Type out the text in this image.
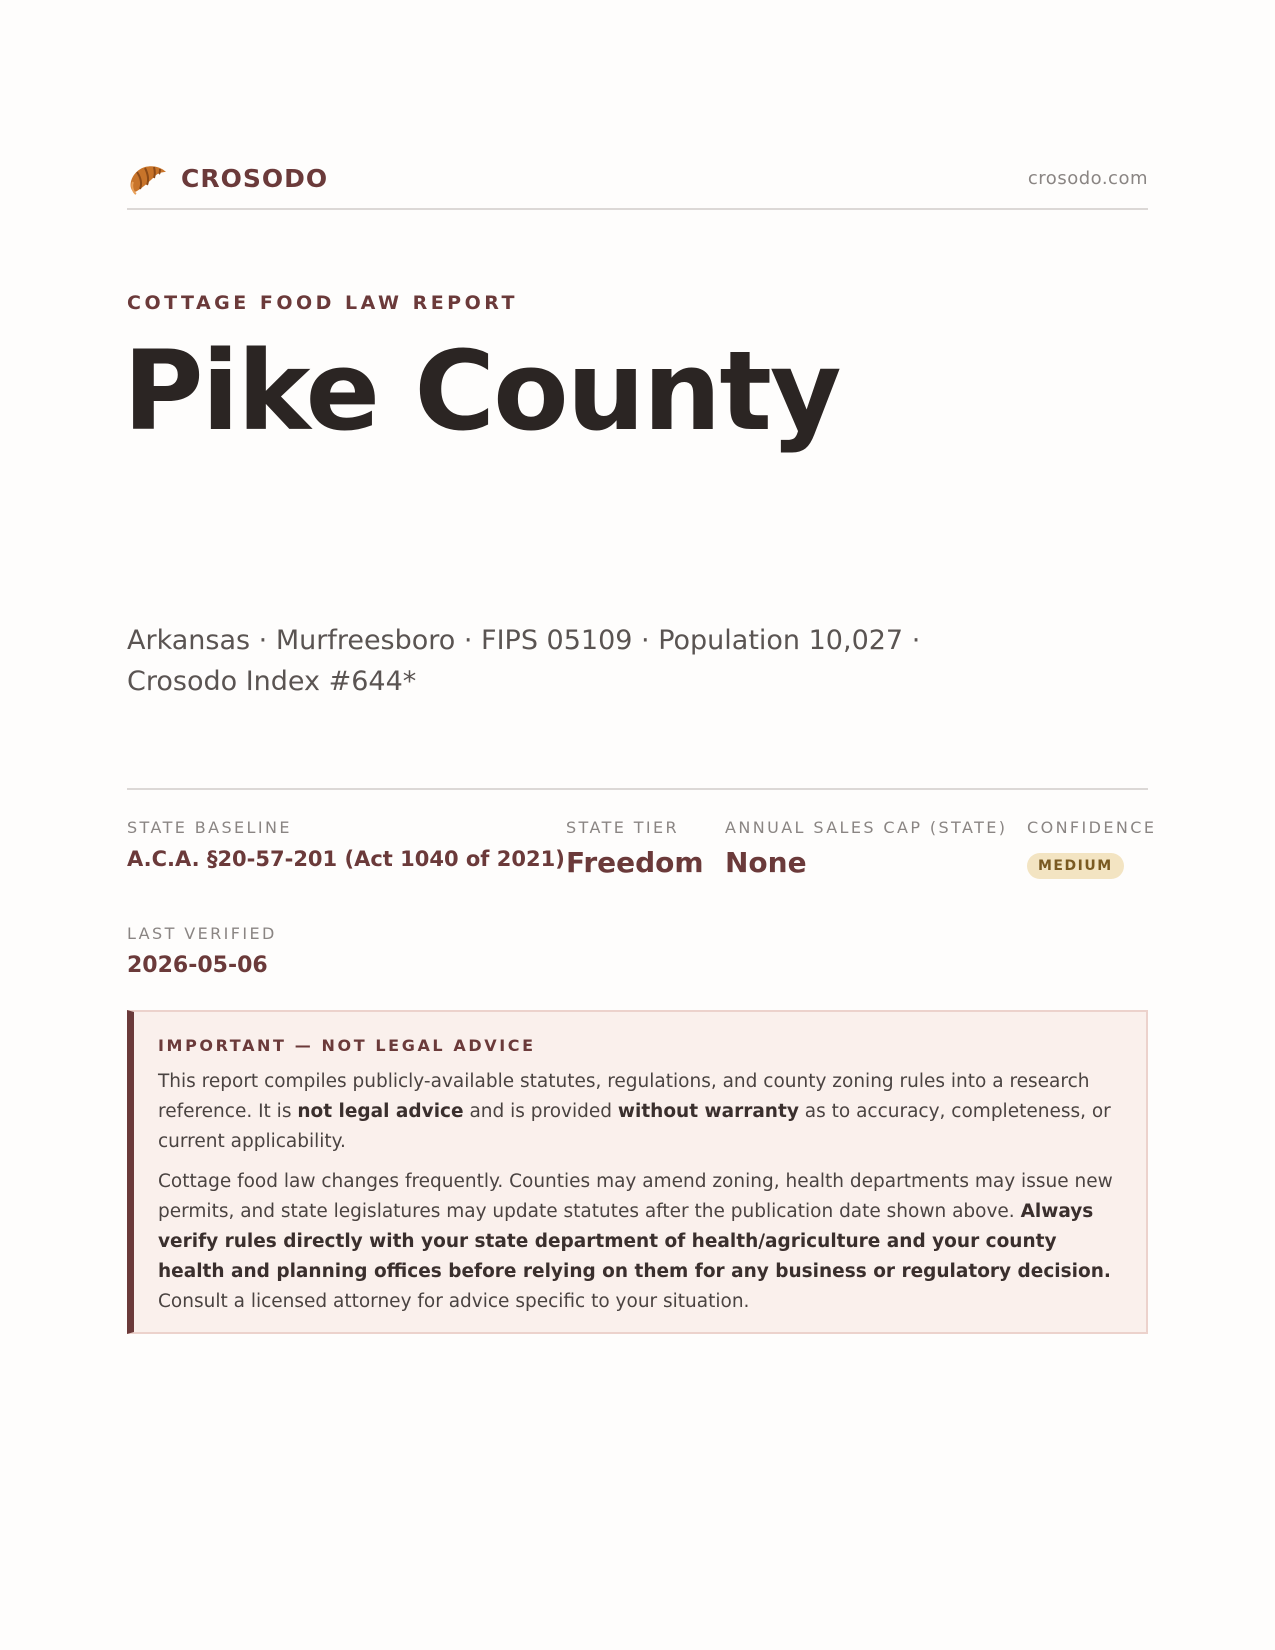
CROSODO	crosodo.com
COTTAGE FOOD LAW REPORT
Pike County
Arkansas · Murfreesboro · FIPS 05109 · Population 10,027 ·
Crosodo Index #644*
STATE BASELINE
A.C.A. §20-57-201 (Act 1040 of 2021)
STATE TIER
Freedom
ANNUAL SALES CAP (STATE)
None
CONFIDENCE
MEDIUM
LAST VERIFIED
2026-05-06
IMPORTANT — NOT LEGAL ADVICE

This report compiles publicly-available statutes, regulations, and county zoning rules into a research reference. It is not legal advice and is provided without warranty as to accuracy, completeness, or current applicability.

Cottage food law changes frequently. Counties may amend zoning, health departments may issue new permits, and state legislatures may update statutes after the publication date shown above. Always verify rules directly with your state department of health/agriculture and your county health and planning offices before relying on them for any business or regulatory decision. Consult a licensed attorney for advice specific to your situation.
